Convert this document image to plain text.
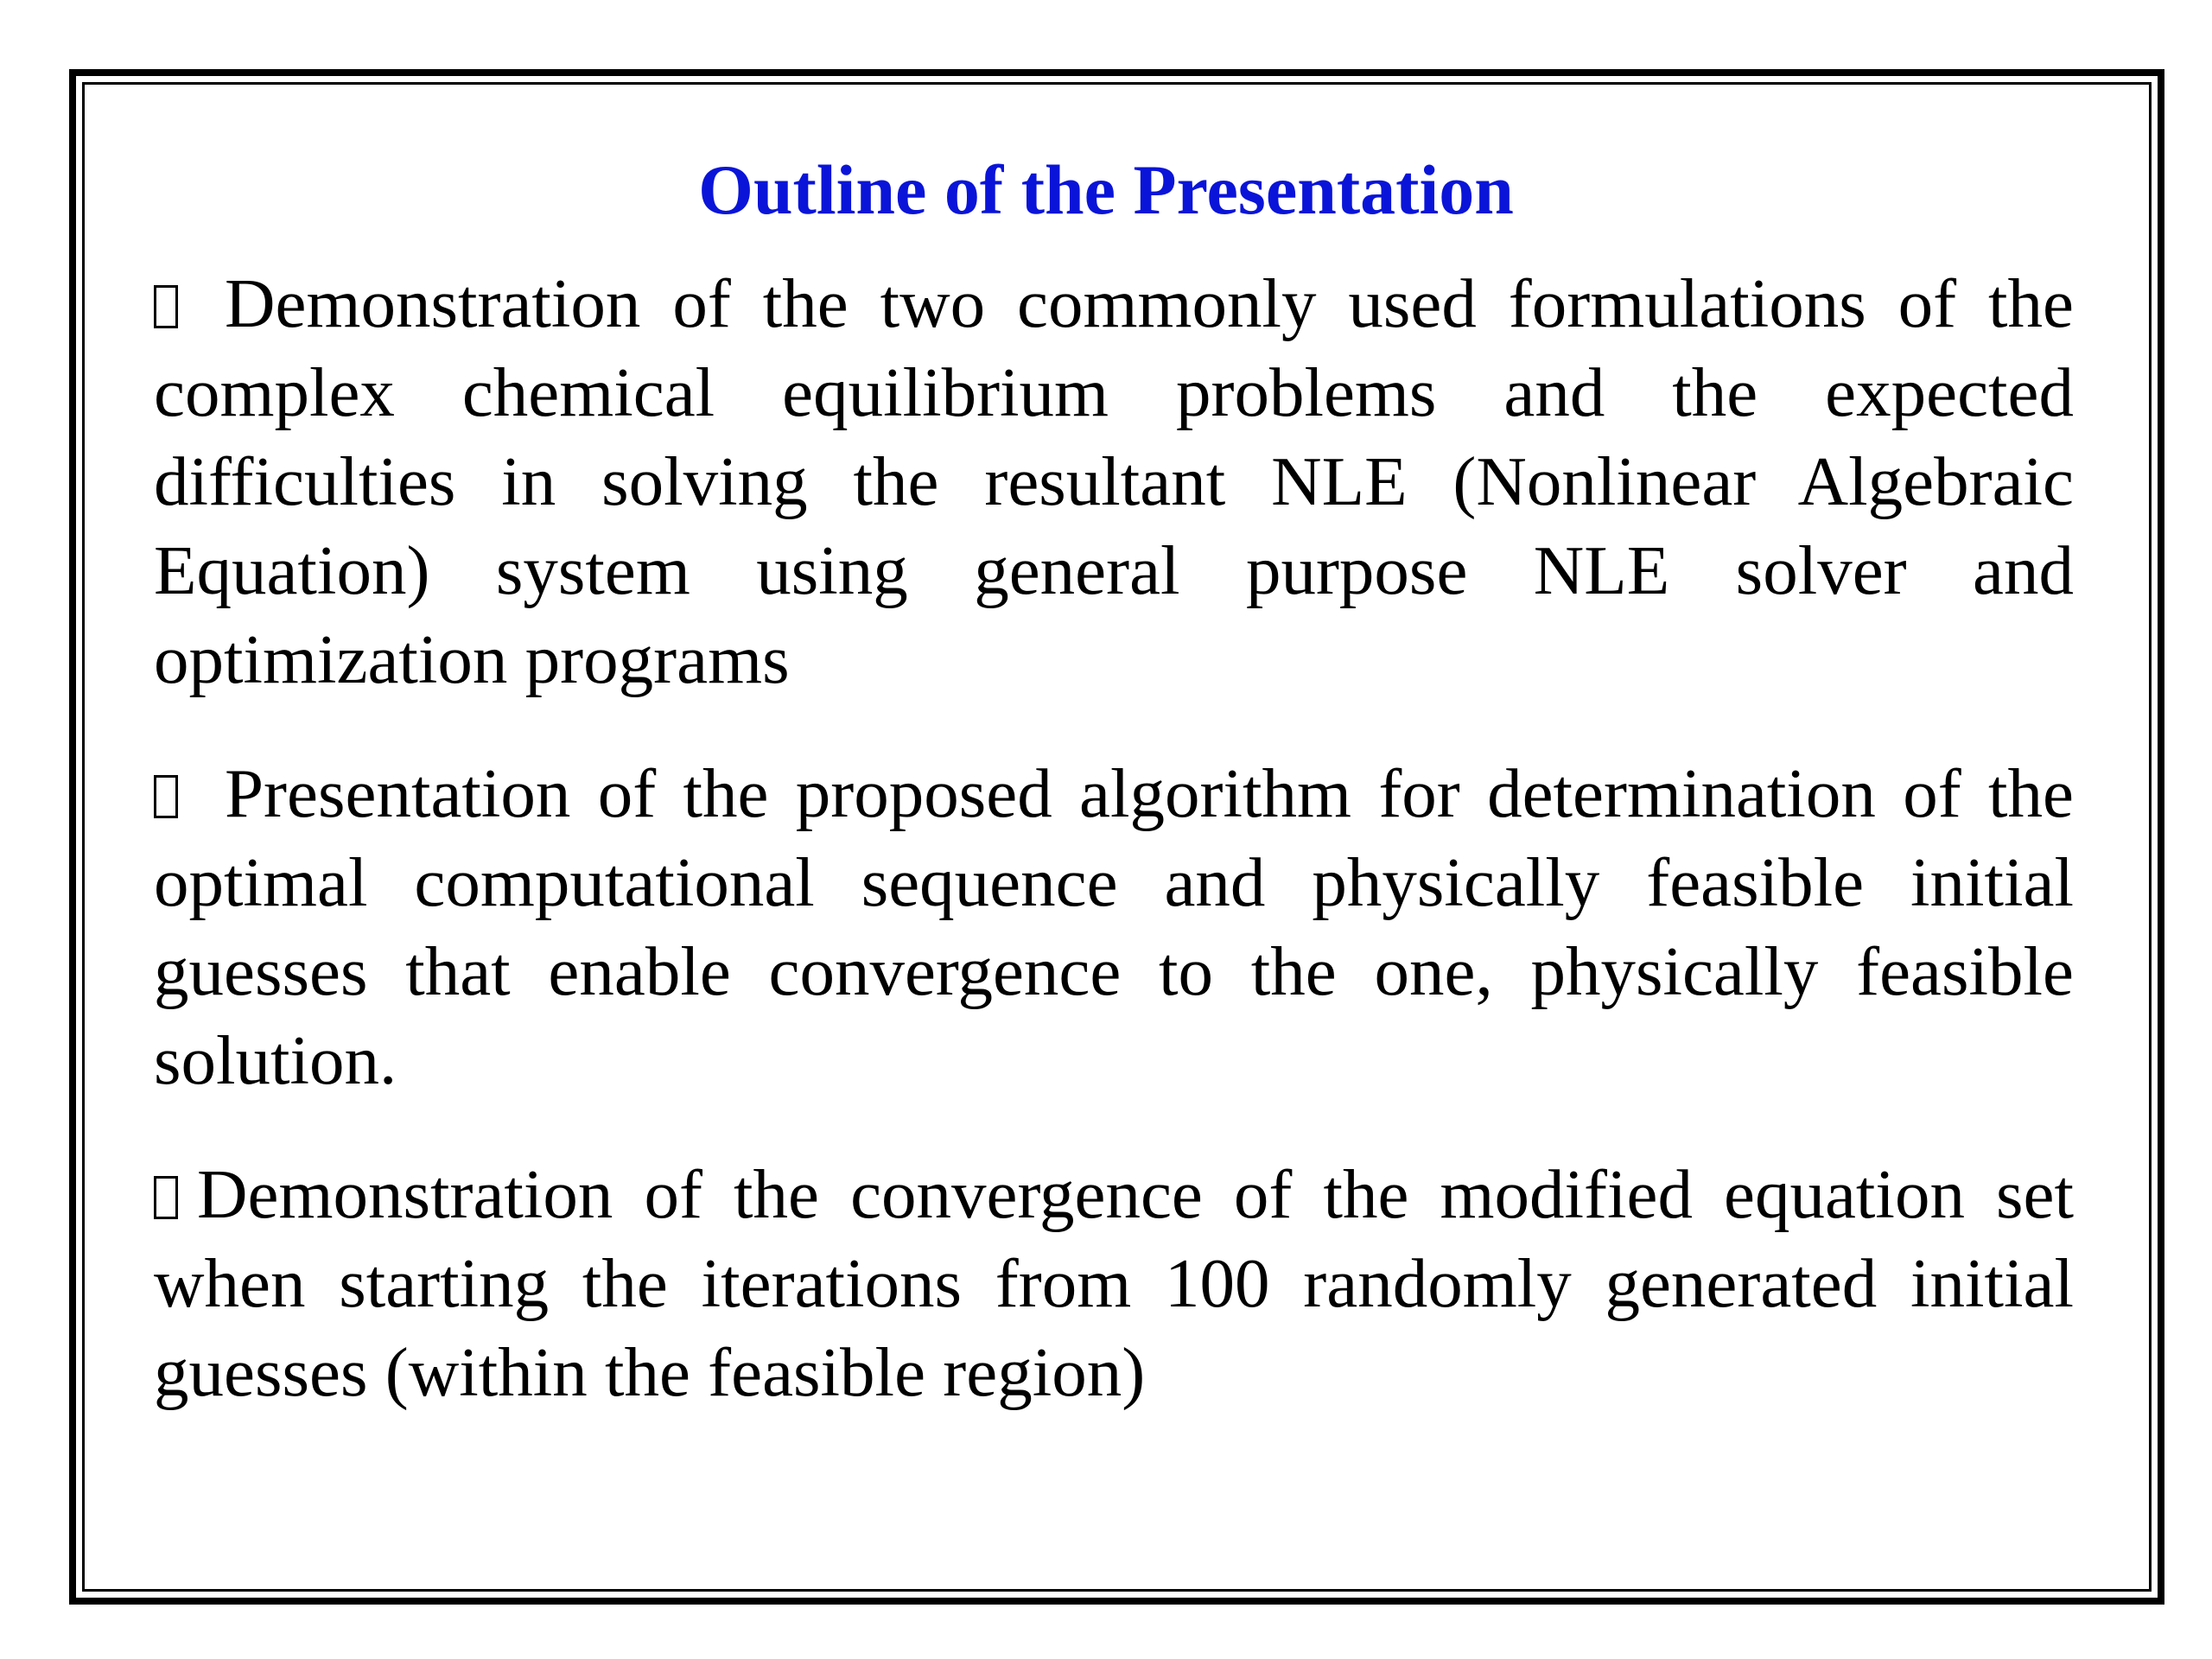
Outline of the Presentation
Demonstration of the two commonly used formulations of the complex chemical equilibrium problems and the expected difficulties in solving the resultant NLE (Nonlinear Algebraic Equation) system using general purpose NLE solver and optimization programs
Presentation of the proposed algorithm for determination of the optimal computational sequence and physically feasible initial guesses that enable convergence to the one, physically feasible solution.
Demonstration of the convergence of the modified equation set when starting the iterations from 100 randomly generated initial guesses (within the feasible region)
